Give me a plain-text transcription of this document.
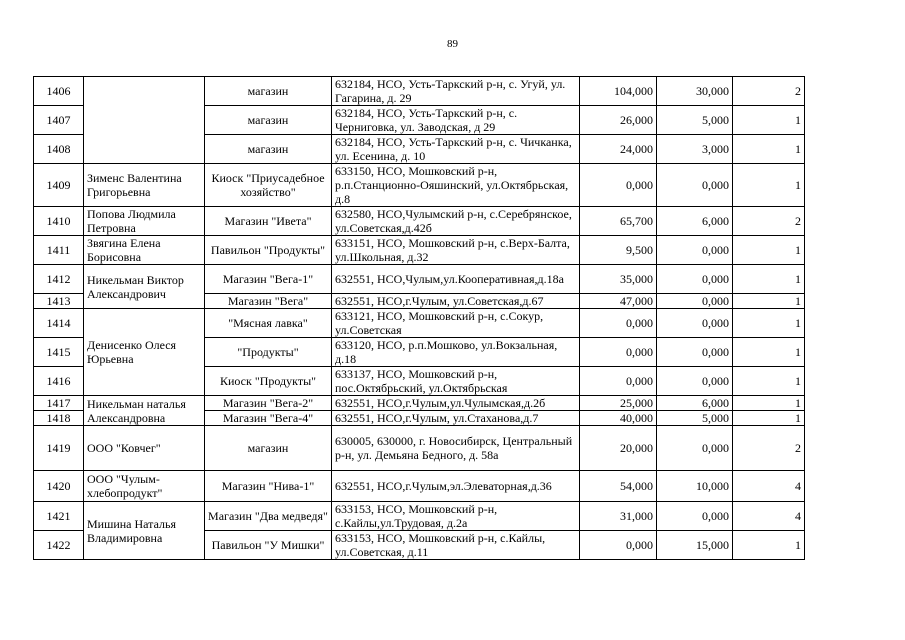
89
1406		магазин	632184, НСО, Усть-Таркский р-н, с. Угуй, ул. Гагарина, д. 29	104,000	30,000	2
1407		магазин	632184, НСО, Усть-Таркский р-н, с. Черниговка, ул. Заводская, д 29	26,000	5,000	1
1408		магазин	632184, НСО, Усть-Таркский р-н, с. Чичканка, ул. Есенина, д. 10	24,000	3,000	1
1409	Зименс Валентина Григорьевна	Киоск "Приусадебное хозяйство"	633150, НСО, Мошковский р-н, р.п.Станционно-Ояшинский, ул.Октябрьская, д.8	0,000	0,000	1
1410	Попова Людмила Петровна	Магазин "Ивета"	632580, НСО,Чулымский р-н, с.Серебрянское, ул.Советская,д.42б	65,700	6,000	2
1411	Звягина Елена Борисовна	Павильон "Продукты"	633151, НСО, Мошковский р-н, с.Верх-Балта, ул.Школьная, д.32	9,500	0,000	1
1412	Никельман Виктор Александрович	Магазин "Вега-1"	632551, НСО,Чулым,ул.Кооперативная,д.18а	35,000	0,000	1
1413		Магазин "Вега"	632551, НСО,г.Чулым, ул.Советская,д.67	47,000	0,000	1
1414	Денисенко Олеся Юрьевна	"Мясная лавка"	633121, НСО, Мошковский р-н, с.Сокур, ул.Советская	0,000	0,000	1
1415		"Продукты"	633120, НСО, р.п.Мошково, ул.Вокзальная, д.18	0,000	0,000	1
1416		Киоск "Продукты"	633137, НСО, Мошковский р-н, пос.Октябрьский, ул.Октябрьская	0,000	0,000	1
1417	Никельман наталья Александровна	Магазин "Вега-2"	632551, НСО,г.Чулым,ул.Чулымская,д.2б	25,000	6,000	1
1418		Магазин "Вега-4"	632551, НСО,г.Чулым, ул.Стаханова,д.7	40,000	5,000	1
1419	ООО "Ковчег"	магазин	630005, 630000, г. Новосибирск, Центральный р-н, ул. Демьяна Бедного, д. 58а	20,000	0,000	2
1420	ООО "Чулым-хлебопродукт"	Магазин "Нива-1"	632551, НСО,г.Чулым,эл.Элеваторная,д.36	54,000	10,000	4
1421	Мишина Наталья Владимировна	Магазин "Два медведя"	633153, НСО, Мошковский р-н, с.Кайлы,ул.Трудовая, д.2а	31,000	0,000	4
1422		Павильон "У Мишки"	633153, НСО, Мошковский р-н, с.Кайлы, ул.Советская, д.11	0,000	15,000	1
